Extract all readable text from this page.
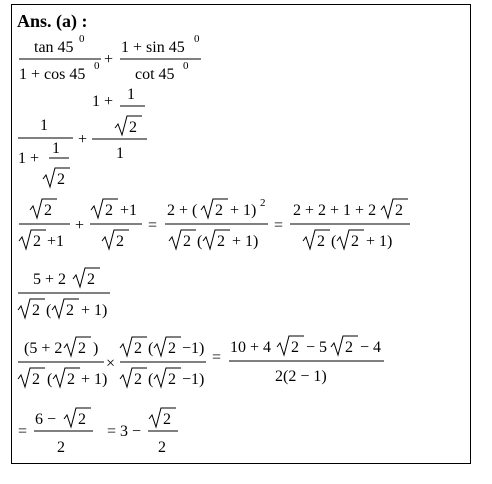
Ans. (a) :
tan 45 0
1 + cos 45 0 +
1 + sin 45 0
cot 45 0
1
1 +
1
2
+
1 + 1
2
1
2
2 +1
+
2 +1
2
=
2 + ( 2 + 1) 2
2 ( 2 + 1)
=
2 + 2 + 1 + 2 2
2 ( 2 + 1)
5 + 2 2
2 ( 2 + 1)
(5 + 2 2 )
2 ( 2 + 1)
×
2 ( 2 −1)
2 ( 2 −1)
=
10 + 4 2 − 5 2 − 4
2(2 − 1)
=
6 − 2
2
= 3 −
2
2
